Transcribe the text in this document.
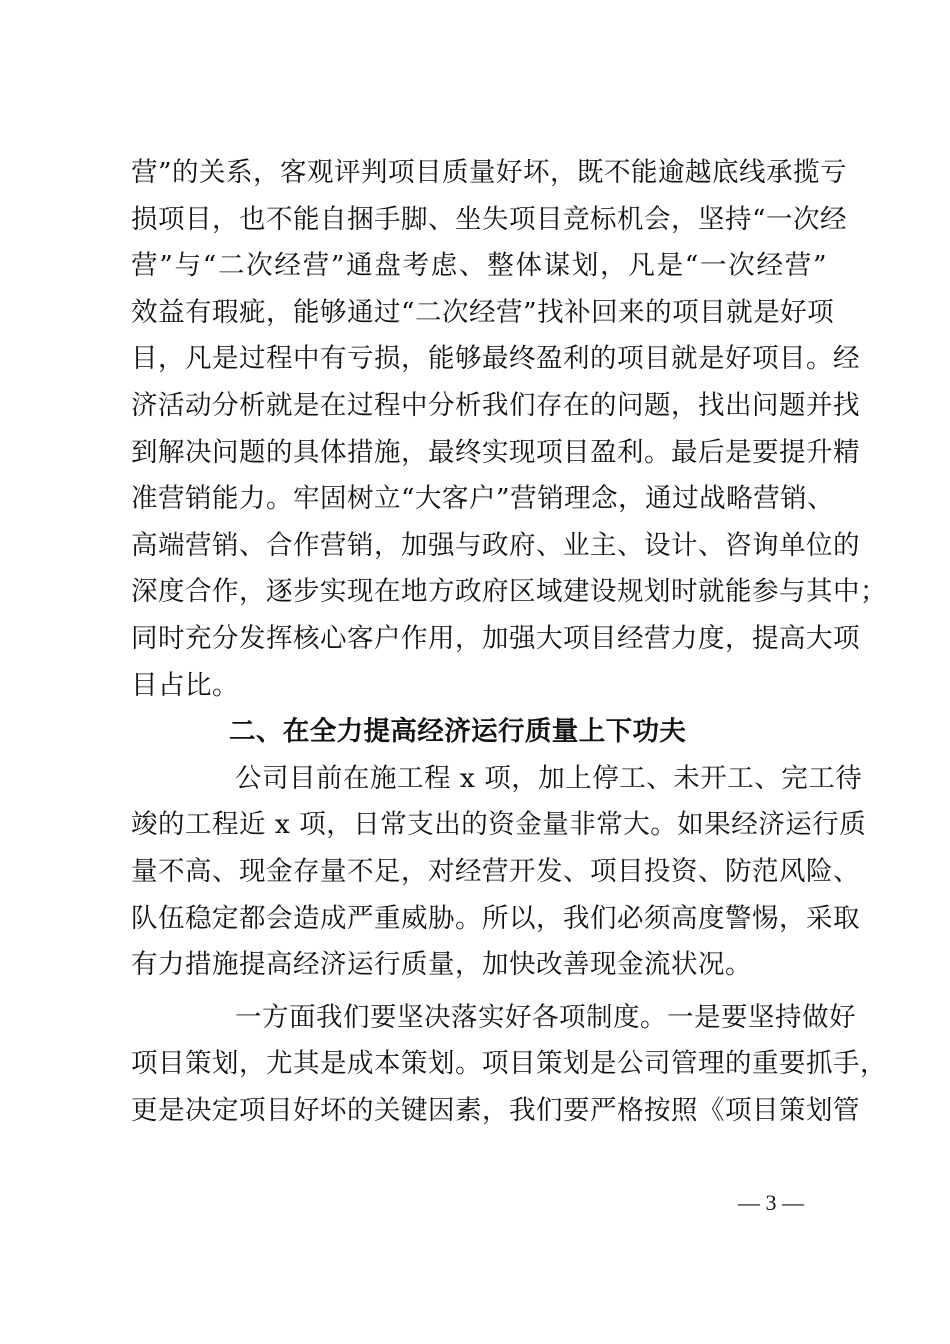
营”的关系，客观评判项目质量好坏，既不能逾越底线承揽亏
损项目，也不能自捆手脚、坐失项目竞标机会，坚持“一次经
营”与“二次经营”通盘考虑、整体谋划，凡是“一次经营”
效益有瑕疵，能够通过“二次经营”找补回来的项目就是好项
目，凡是过程中有亏损，能够最终盈利的项目就是好项目。经
济活动分析就是在过程中分析我们存在的问题，找出问题并找
到解决问题的具体措施，最终实现项目盈利。最后是要提升精
准营销能力。牢固树立“大客户”营销理念，通过战略营销、
高端营销、合作营销，加强与政府、业主、设计、咨询单位的
深度合作，逐步实现在地方政府区域建设规划时就能参与其中；
同时充分发挥核心客户作用，加强大项目经营力度，提高大项
目占比。
二、在全力提高经济运行质量上下功夫
公司目前在施工程 x 项，加上停工、未开工、完工待
竣的工程近 x 项，日常支出的资金量非常大。如果经济运行质
量不高、现金存量不足，对经营开发、项目投资、防范风险、
队伍稳定都会造成严重威胁。所以，我们必须高度警惕，采取
有力措施提高经济运行质量，加快改善现金流状况。
一方面我们要坚决落实好各项制度。一是要坚持做好
项目策划，尤其是成本策划。项目策划是公司管理的重要抓手，
更是决定项目好坏的关键因素，我们要严格按照《项目策划管
— 3 —
